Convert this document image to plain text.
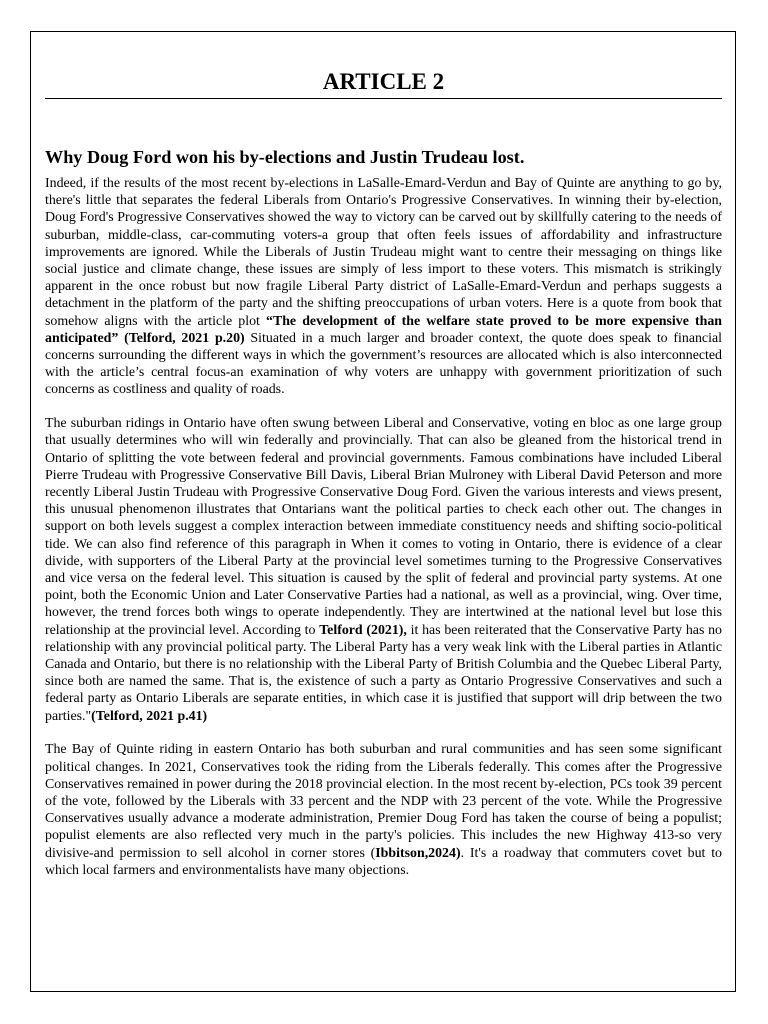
ARTICLE 2
Why Doug Ford won his by-elections and Justin Trudeau lost.

Indeed, if the results of the most recent by-elections in LaSalle-Emard-Verdun and Bay of Quinte are anything to go by, there's little that separates the federal Liberals from Ontario's Progressive Conservatives. In winning their by-election, Doug Ford's Progressive Conservatives showed the way to victory can be carved out by skillfully catering to the needs of suburban, middle-class, car-commuting voters-a group that often feels issues of affordability and infrastructure improvements are ignored. While the Liberals of Justin Trudeau might want to centre their messaging on things like social justice and climate change, these issues are simply of less import to these voters. This mismatch is strikingly apparent in the once robust but now fragile Liberal Party district of LaSalle-Emard-Verdun and perhaps suggests a detachment in the platform of the party and the shifting preoccupations of urban voters. Here is a quote from book that somehow aligns with the article plot “The development of the welfare state proved to be more expensive than anticipated” (Telford, 2021 p.20) Situated in a much larger and broader context, the quote does speak to financial concerns surrounding the different ways in which the government’s resources are allocated which is also interconnected with the article’s central focus-an examination of why voters are unhappy with government prioritization of such concerns as costliness and quality of roads.

The suburban ridings in Ontario have often swung between Liberal and Conservative, voting en bloc as one large group that usually determines who will win federally and provincially. That can also be gleaned from the historical trend in Ontario of splitting the vote between federal and provincial governments. Famous combinations have included Liberal Pierre Trudeau with Progressive Conservative Bill Davis, Liberal Brian Mulroney with Liberal David Peterson and more recently Liberal Justin Trudeau with Progressive Conservative Doug Ford. Given the various interests and views present, this unusual phenomenon illustrates that Ontarians want the political parties to check each other out. The changes in support on both levels suggest a complex interaction between immediate constituency needs and shifting socio-political tide. We can also find reference of this paragraph in When it comes to voting in Ontario, there is evidence of a clear divide, with supporters of the Liberal Party at the provincial level sometimes turning to the Progressive Conservatives and vice versa on the federal level. This situation is caused by the split of federal and provincial party systems. At one point, both the Economic Union and Later Conservative Parties had a national, as well as a provincial, wing. Over time, however, the trend forces both wings to operate independently. They are intertwined at the national level but lose this relationship at the provincial level. According to Telford (2021), it has been reiterated that the Conservative Party has no relationship with any provincial political party. The Liberal Party has a very weak link with the Liberal parties in Atlantic Canada and Ontario, but there is no relationship with the Liberal Party of British Columbia and the Quebec Liberal Party, since both are named the same. That is, the existence of such a party as Ontario Progressive Conservatives and such a federal party as Ontario Liberals are separate entities, in which case it is justified that support will drip between the two parties."(Telford, 2021 p.41)

The Bay of Quinte riding in eastern Ontario has both suburban and rural communities and has seen some significant political changes. In 2021, Conservatives took the riding from the Liberals federally. This comes after the Progressive Conservatives remained in power during the 2018 provincial election. In the most recent by-election, PCs took 39 percent of the vote, followed by the Liberals with 33 percent and the NDP with 23 percent of the vote. While the Progressive Conservatives usually advance a moderate administration, Premier Doug Ford has taken the course of being a populist; populist elements are also reflected very much in the party's policies. This includes the new Highway 413-so very divisive-and permission to sell alcohol in corner stores (Ibbitson,2024). It's a roadway that commuters covet but to which local farmers and environmentalists have many objections.
